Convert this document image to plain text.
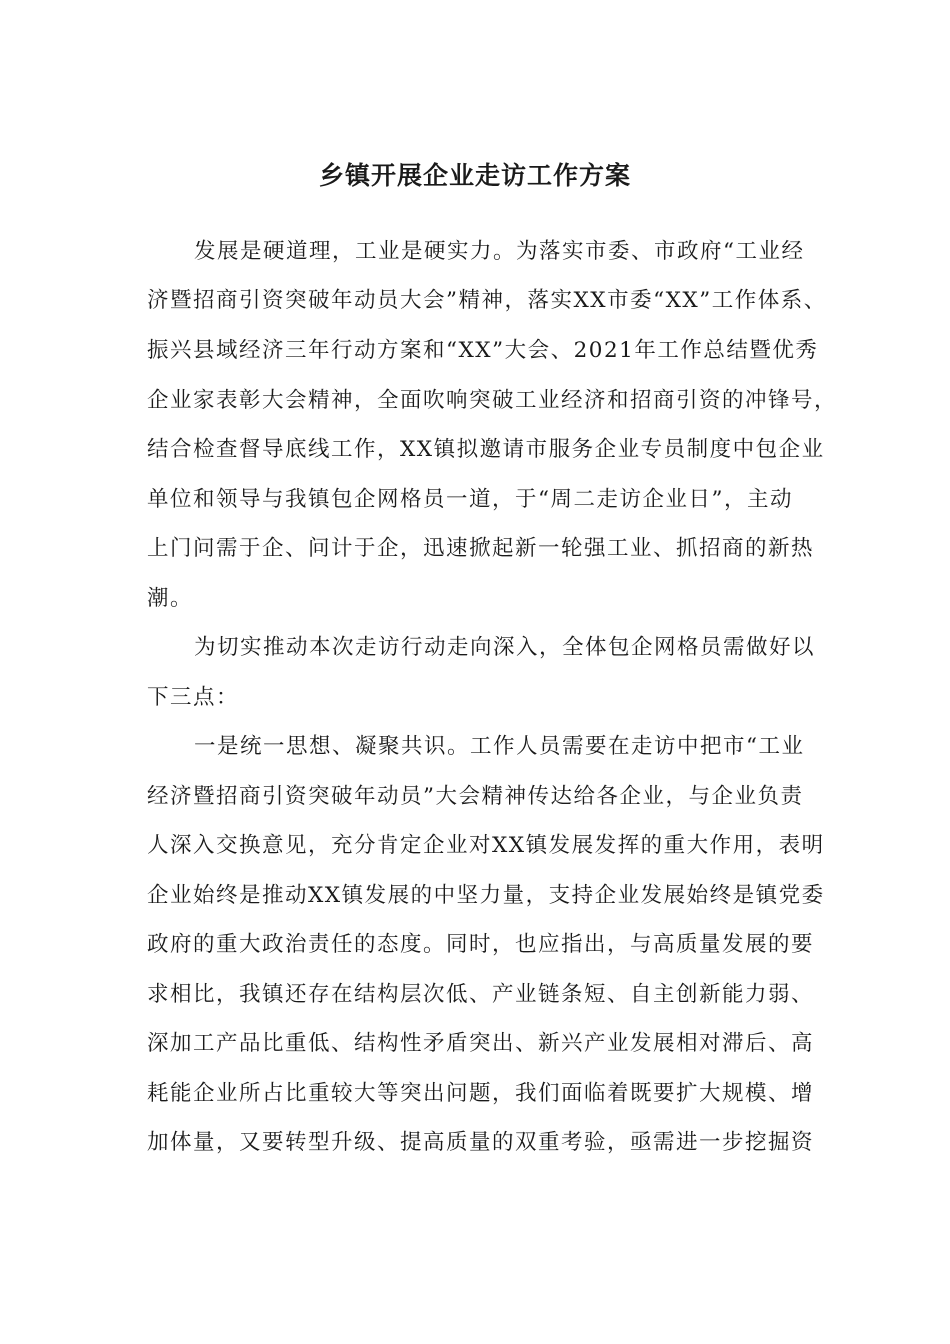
乡镇开展企业走访工作方案

发展是硬道理，工业是硬实力。为落实市委、市政府“工业经

济暨招商引资突破年动员大会”精神，落实XX市委“XX”工作体系、

振兴县域经济三年行动方案和“XX”大会、2021年工作总结暨优秀

企业家表彰大会精神，全面吹响突破工业经济和招商引资的冲锋号，

结合检查督导底线工作，XX镇拟邀请市服务企业专员制度中包企业

单位和领导与我镇包企网格员一道，于“周二走访企业日”，主动

上门问需于企、问计于企，迅速掀起新一轮强工业、抓招商的新热

潮。

为切实推动本次走访行动走向深入，全体包企网格员需做好以

下三点：

一是统一思想、凝聚共识。工作人员需要在走访中把市“工业

经济暨招商引资突破年动员”大会精神传达给各企业，与企业负责

人深入交换意见，充分肯定企业对XX镇发展发挥的重大作用，表明

企业始终是推动XX镇发展的中坚力量，支持企业发展始终是镇党委

政府的重大政治责任的态度。同时，也应指出，与高质量发展的要

求相比，我镇还存在结构层次低、产业链条短、自主创新能力弱、

深加工产品比重低、结构性矛盾突出、新兴产业发展相对滞后、高

耗能企业所占比重较大等突出问题，我们面临着既要扩大规模、增

加体量，又要转型升级、提高质量的双重考验，亟需进一步挖掘资
